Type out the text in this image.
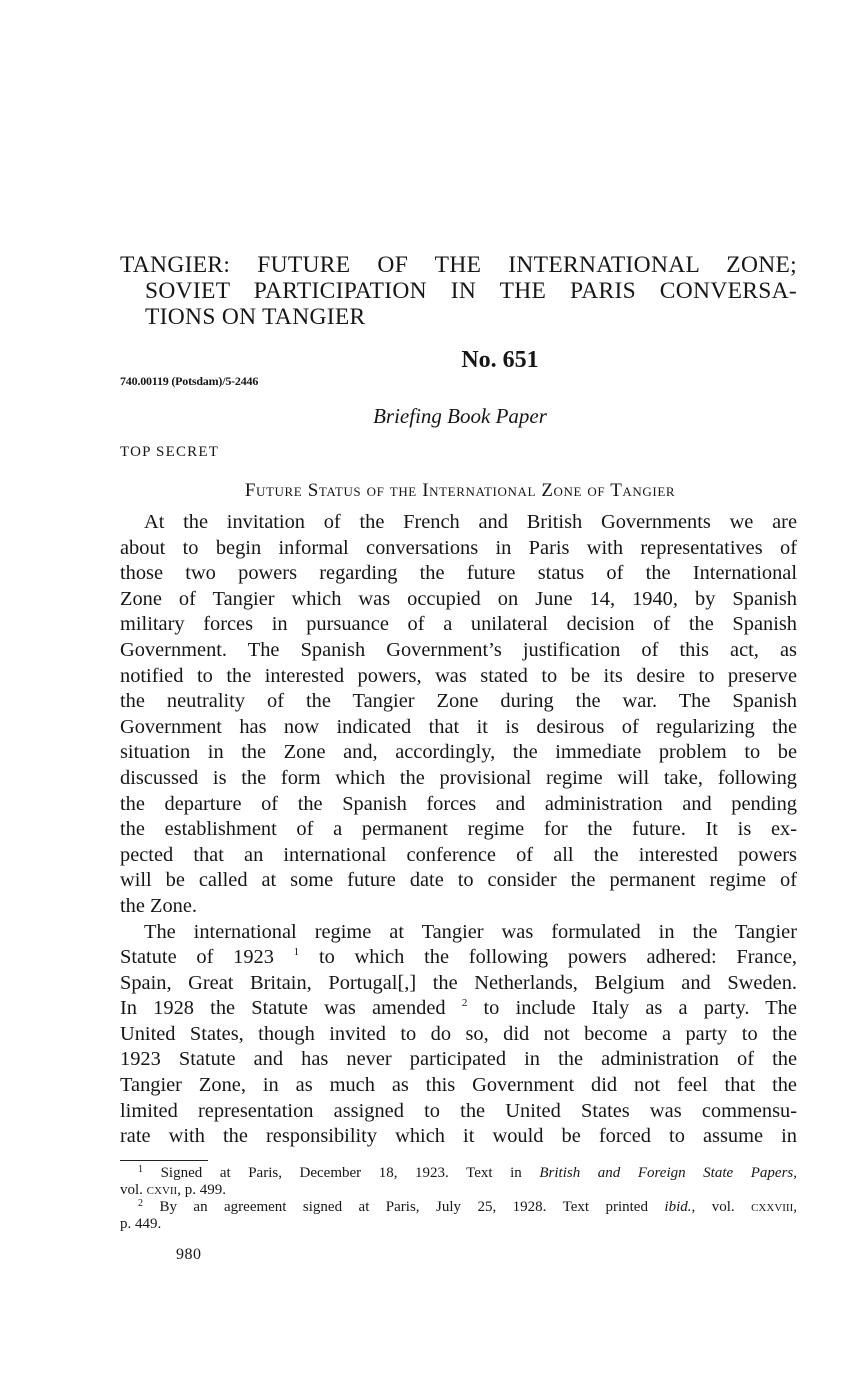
TANGIER: FUTURE OF THE INTERNATIONAL ZONE;
SOVIET PARTICIPATION IN THE PARIS CONVERSA-
TIONS ON TANGIER
No. 651
740.00119 (Potsdam)/5-2446
Briefing Book Paper
TOP SECRET
Future Status of the International Zone of Tangier
At the invitation of the French and British Governments we are
about to begin informal conversations in Paris with representatives of
those two powers regarding the future status of the International
Zone of Tangier which was occupied on June 14, 1940, by Spanish
military forces in pursuance of a unilateral decision of the Spanish
Government. The Spanish Government’s justification of this act, as
notified to the interested powers, was stated to be its desire to preserve
the neutrality of the Tangier Zone during the war. The Spanish
Government has now indicated that it is desirous of regularizing the
situation in the Zone and, accordingly, the immediate problem to be
discussed is the form which the provisional regime will take, following
the departure of the Spanish forces and administration and pending
the establishment of a permanent regime for the future. It is ex-
pected that an international conference of all the interested powers
will be called at some future date to consider the permanent regime of
the Zone.
The international regime at Tangier was formulated in the Tangier
Statute of 1923 $^1$ to which the following powers adhered: France,
Spain, Great Britain, Portugal[,] the Netherlands, Belgium and Sweden.
In 1928 the Statute was amended $^2$ to include Italy as a party. The
United States, though invited to do so, did not become a party to the
1923 Statute and has never participated in the administration of the
Tangier Zone, in as much as this Government did not feel that the
limited representation assigned to the United States was commensu-
rate with the responsibility which it would be forced to assume in
$^1$ Signed at Paris, December 18, 1923. Text in British and Foreign State Papers,
vol. cxvii, p. 499.
$^2$ By an agreement signed at Paris, July 25, 1928. Text printed ibid., vol. cxxviii,
p. 449.
980
